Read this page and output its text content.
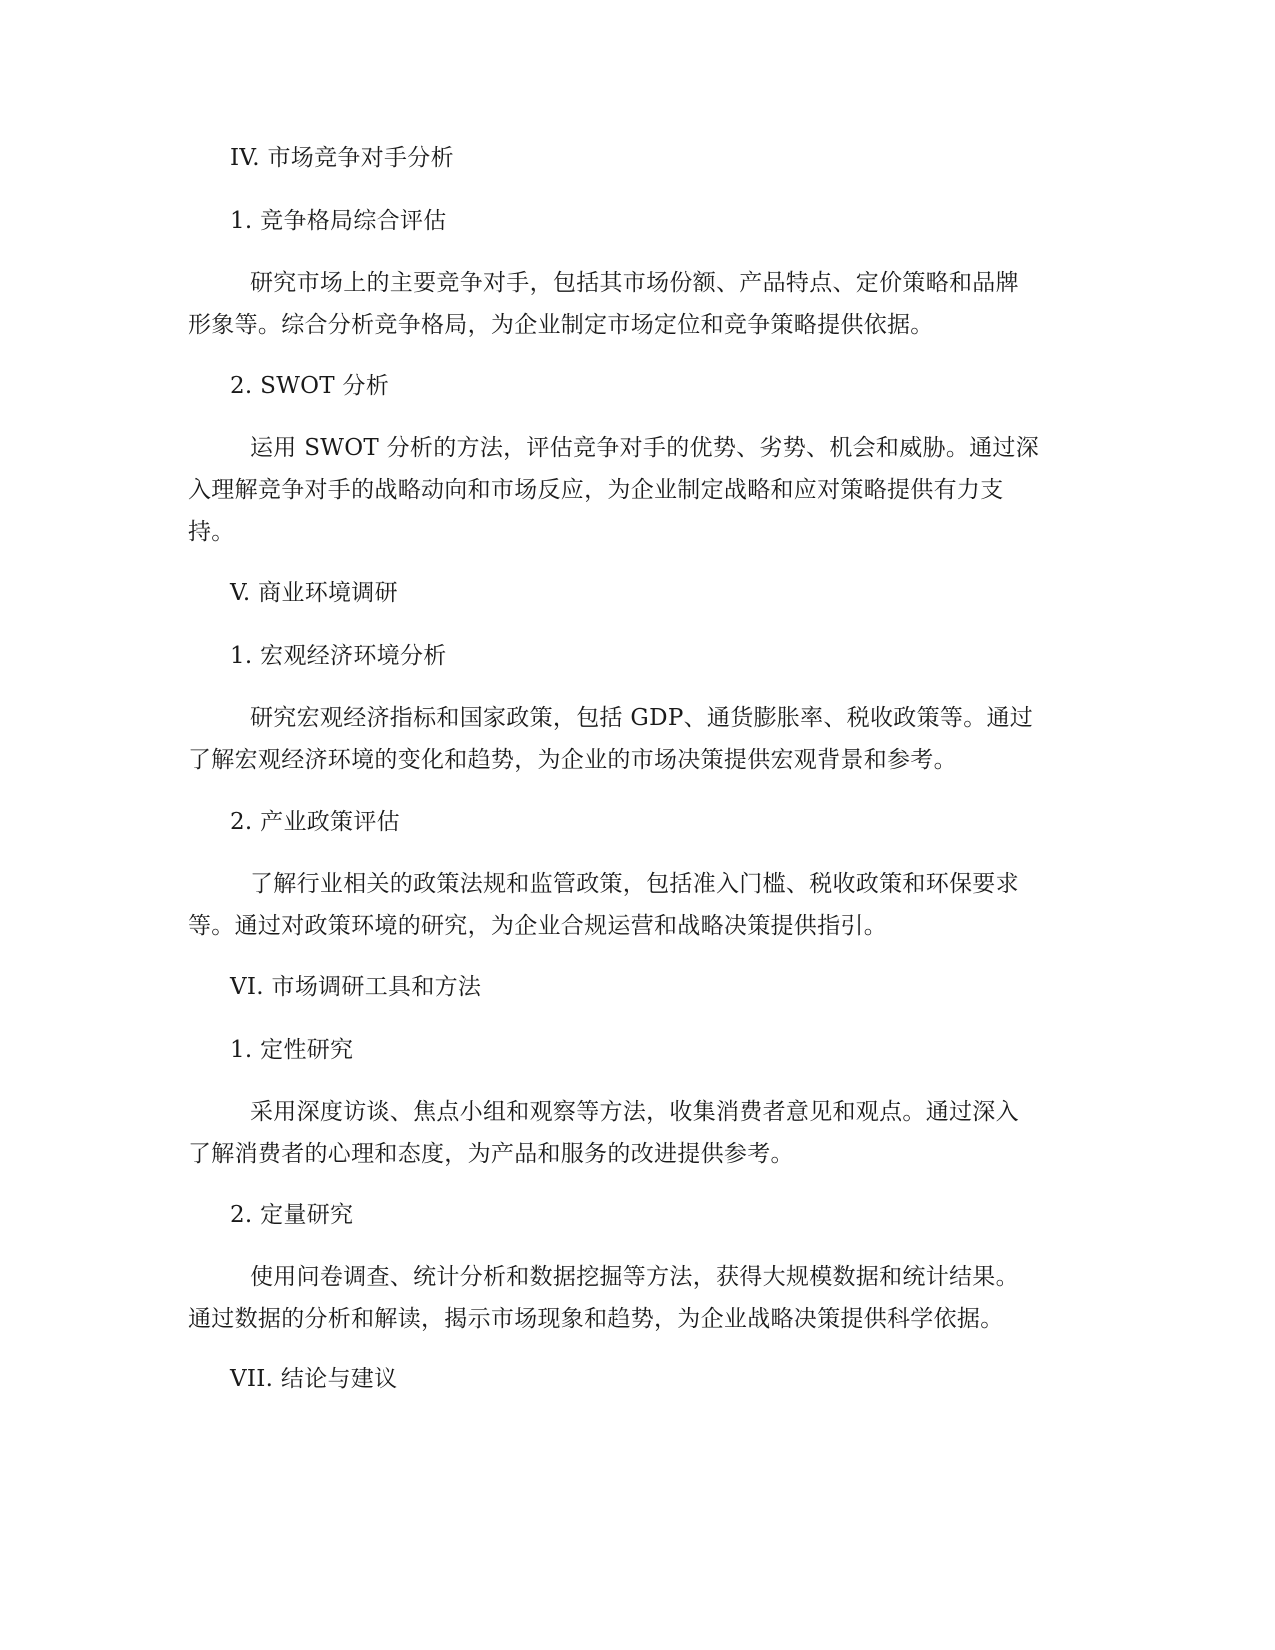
IV. 市场竞争对手分析
1. 竞争格局综合评估
研究市场上的主要竞争对手，包括其市场份额、产品特点、定价策略和品牌
形象等。综合分析竞争格局，为企业制定市场定位和竞争策略提供依据。
2. SWOT 分析
运用 SWOT 分析的方法，评估竞争对手的优势、劣势、机会和威胁。通过深
入理解竞争对手的战略动向和市场反应，为企业制定战略和应对策略提供有力支
持。
V. 商业环境调研
1. 宏观经济环境分析
研究宏观经济指标和国家政策，包括 GDP、通货膨胀率、税收政策等。通过
了解宏观经济环境的变化和趋势，为企业的市场决策提供宏观背景和参考。
2. 产业政策评估
了解行业相关的政策法规和监管政策，包括准入门槛、税收政策和环保要求
等。通过对政策环境的研究，为企业合规运营和战略决策提供指引。
VI. 市场调研工具和方法
1. 定性研究
采用深度访谈、焦点小组和观察等方法，收集消费者意见和观点。通过深入
了解消费者的心理和态度，为产品和服务的改进提供参考。
2. 定量研究
使用问卷调查、统计分析和数据挖掘等方法，获得大规模数据和统计结果。
通过数据的分析和解读，揭示市场现象和趋势，为企业战略决策提供科学依据。
VII. 结论与建议
